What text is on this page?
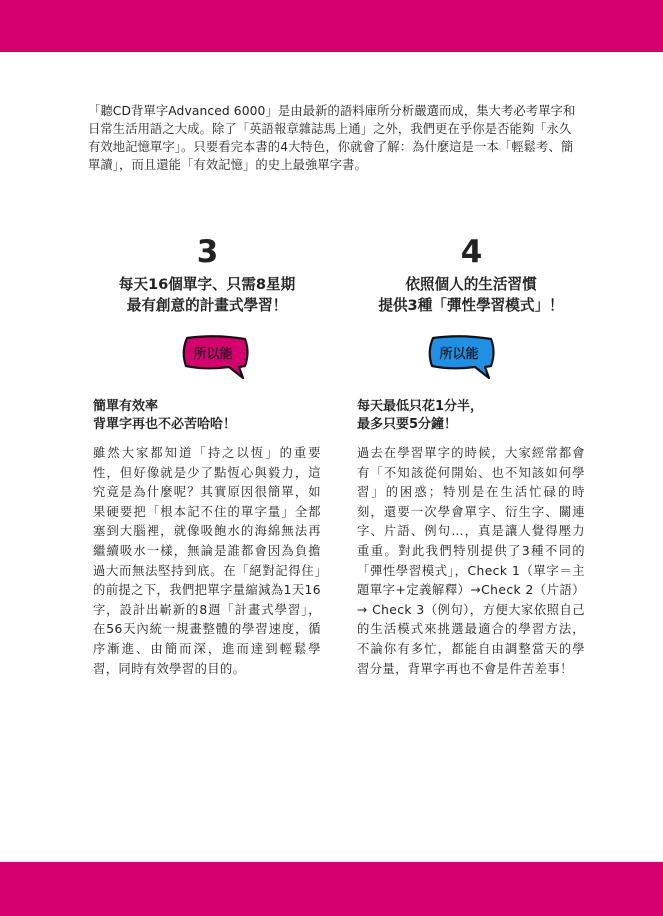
「聽CD背單字Advanced 6000」是由最新的語料庫所分析嚴選而成，集大考必考單字和日常生活用語之大成。除了「英語報章雜誌馬上通」之外，我們更在乎你是否能夠「永久有效地記憶單字」。只要看完本書的4大特色，你就會了解：為什麼這是一本「輕鬆考、簡單讀」，而且還能「有效記憶」的史上最強單字書。

3
每天16個單字、只需8星期
最有創意的計畫式學習！
所以能
簡單有效率
背單字再也不必苦哈哈！
雖然大家都知道「持之以恆」的重要性，但好像就是少了點恆心與毅力，這究竟是為什麼呢？其實原因很簡單，如果硬要把「根本記不住的單字量」全都塞到大腦裡，就像吸飽水的海綿無法再繼續吸水一樣，無論是誰都會因為負擔過大而無法堅持到底。在「絕對記得住」的前提之下，我們把單字量縮減為1天16字，設計出嶄新的8週「計畫式學習」，在56天內統一規畫整體的學習速度，循序漸進、由簡而深，進而達到輕鬆學習，同時有效學習的目的。
4
依照個人的生活習慣
提供3種「彈性學習模式」！
所以能
每天最低只花1分半，
最多只要5分鐘！
過去在學習單字的時候，大家經常都會有「不知該從何開始、也不知該如何學習」的困惑；特別是在生活忙碌的時刻，還要一次學會單字、衍生字、關連字、片語、例句…，真是讓人覺得壓力重重。對此我們特別提供了3種不同的「彈性學習模式」，Check 1（單字＝主題單字+定義解釋）→Check 2（片語）→ Check 3（例句），方便大家依照自己的生活模式來挑選最適合的學習方法，不論你有多忙，都能自由調整當天的學習分量，背單字再也不會是件苦差事！
